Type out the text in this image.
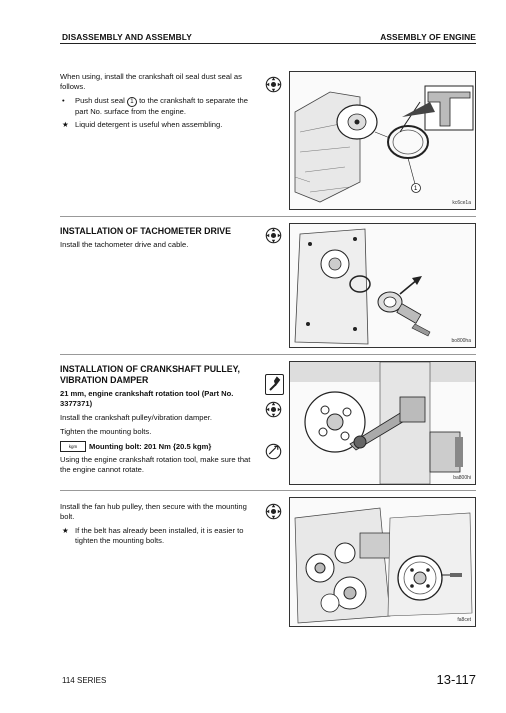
DISASSEMBLY AND ASSEMBLY	ASSEMBLY OF ENGINE

When using, install the crankshaft oil seal dust seal as follows.

• Push dust seal 1 to the crankshaft to separate the part No. surface from the engine.
★ Liquid detergent is useful when assembling.
1
kc6ce1a
INSTALLATION OF TACHOMETER DRIVE

Install the tachometer drive and cable.

bo800ha
INSTALLATION OF CRANKSHAFT PULLEY, VIBRATION DAMPER

21 mm, engine crankshaft rotation tool (Part No. 3377371)

Install the crankshaft pulley/vibration damper.

Tighten the mounting bolts.

kgm	Mounting bolt: 201 Nm {20.5 kgm}

Using the engine crankshaft rotation tool, make sure that the engine cannot rotate.

ba800hi

Install the fan hub pulley, then secure with the mounting bolt.

★ If the belt has already been installed, it is easier to tighten the mounting bolts.
fa8cet
114 SERIES	13-117
